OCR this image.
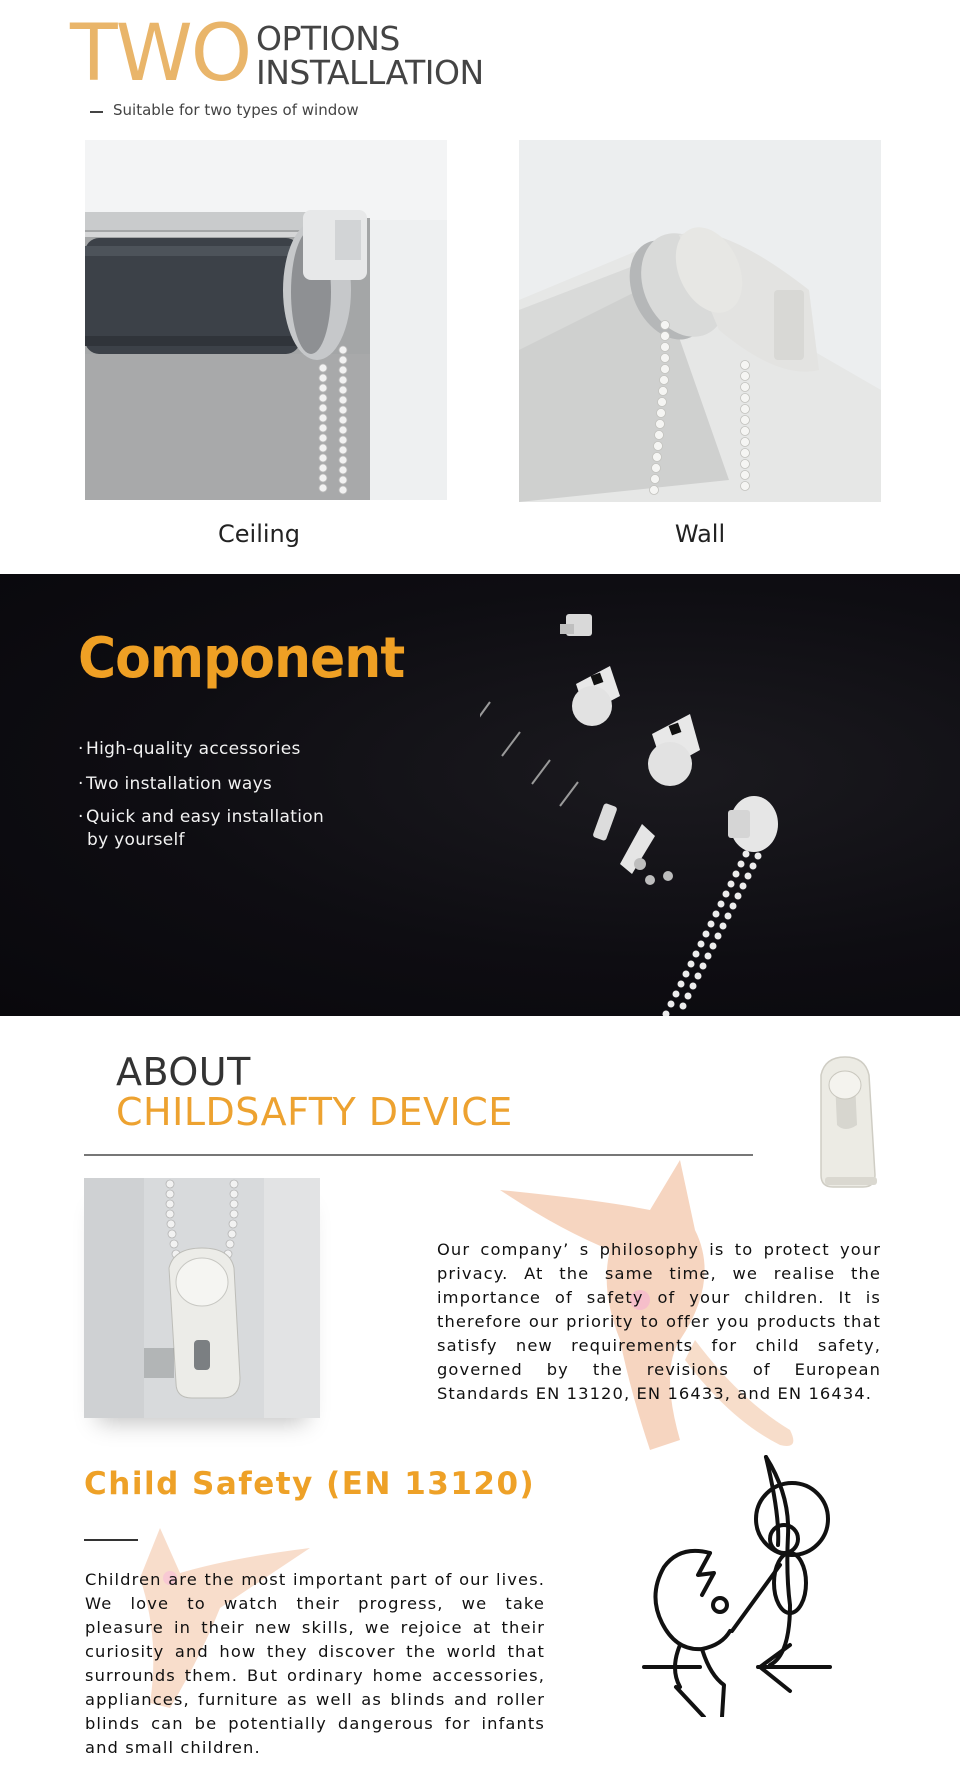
TWO OPTIONS
INSTALLATION
Suitable for two types of window
Ceiling	Wall
Component
· High-quality accessories
· Two installation ways
· Quick and easy installation
by yourself
ABOUT
CHILDSAFTY DEVICE
Our company’ s philosophy is to protect your privacy. At the same time, we realise the importance of safety of your children. It is therefore our priority to offer you products that satisfy new requirements for child safety, governed by the revisions of European Standards EN 13120, EN 16433, and EN 16434.
Child Safety (EN 13120)
Children are the most important part of our lives. We love to watch their progress, we take pleasure in their new skills, we rejoice at their curiosity and how they discover the world that surrounds them. But ordinary home accessories, appliances, furniture as well as blinds and roller blinds can be potentially dangerous for infants and small children.
